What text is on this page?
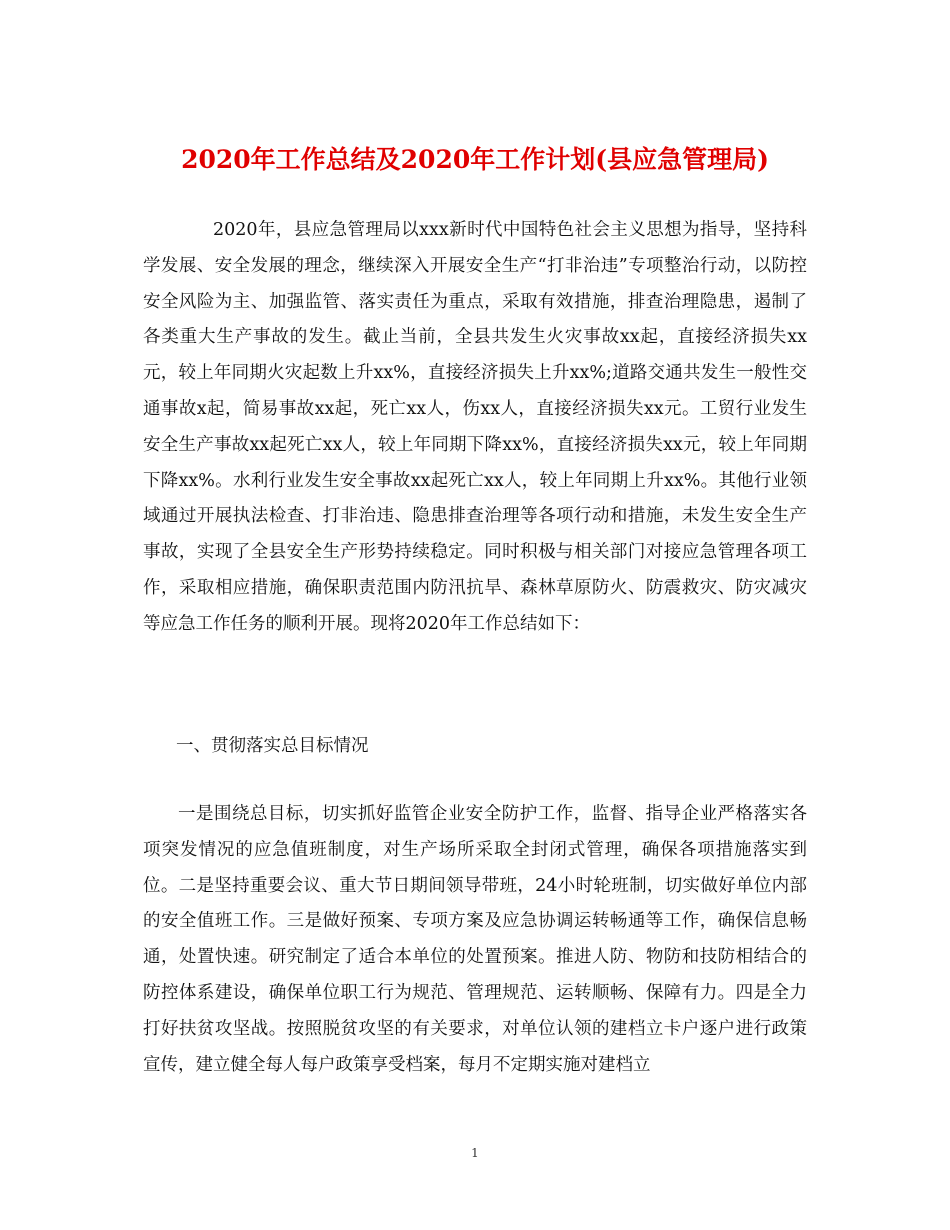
2020年工作总结及2020年工作计划(县应急管理局)

2020年，县应急管理局以xxx新时代中国特色社会主义思想为指导，坚持科学发展、安全发展的理念，继续深入开展安全生产“打非治违”专项整治行动，以防控安全风险为主、加强监管、落实责任为重点，采取有效措施，排查治理隐患，遏制了各类重大生产事故的发生。截止当前，全县共发生火灾事故xx起，直接经济损失xx元，较上年同期火灾起数上升xx%，直接经济损失上升xx%;道路交通共发生一般性交通事故x起，简易事故xx起，死亡xx人，伤xx人，直接经济损失xx元。工贸行业发生安全生产事故xx起死亡xx人，较上年同期下降xx%，直接经济损失xx元，较上年同期下降xx%。水利行业发生安全事故xx起死亡xx人，较上年同期上升xx%。其他行业领域通过开展执法检查、打非治违、隐患排查治理等各项行动和措施，未发生安全生产事故，实现了全县安全生产形势持续稳定。同时积极与相关部门对接应急管理各项工作，采取相应措施，确保职责范围内防汛抗旱、森林草原防火、防震救灾、防灾减灾等应急工作任务的顺利开展。现将2020年工作总结如下：

一、贯彻落实总目标情况

一是围绕总目标，切实抓好监管企业安全防护工作，监督、指导企业严格落实各项突发情况的应急值班制度，对生产场所采取全封闭式管理，确保各项措施落实到位。二是坚持重要会议、重大节日期间领导带班，24小时轮班制，切实做好单位内部的安全值班工作。三是做好预案、专项方案及应急协调运转畅通等工作，确保信息畅通，处置快速。研究制定了适合本单位的处置预案。推进人防、物防和技防相结合的防控体系建设，确保单位职工行为规范、管理规范、运转顺畅、保障有力。四是全力打好扶贫攻坚战。按照脱贫攻坚的有关要求，对单位认领的建档立卡户逐户进行政策宣传，建立健全每人每户政策享受档案，每月不定期实施对建档立

1
